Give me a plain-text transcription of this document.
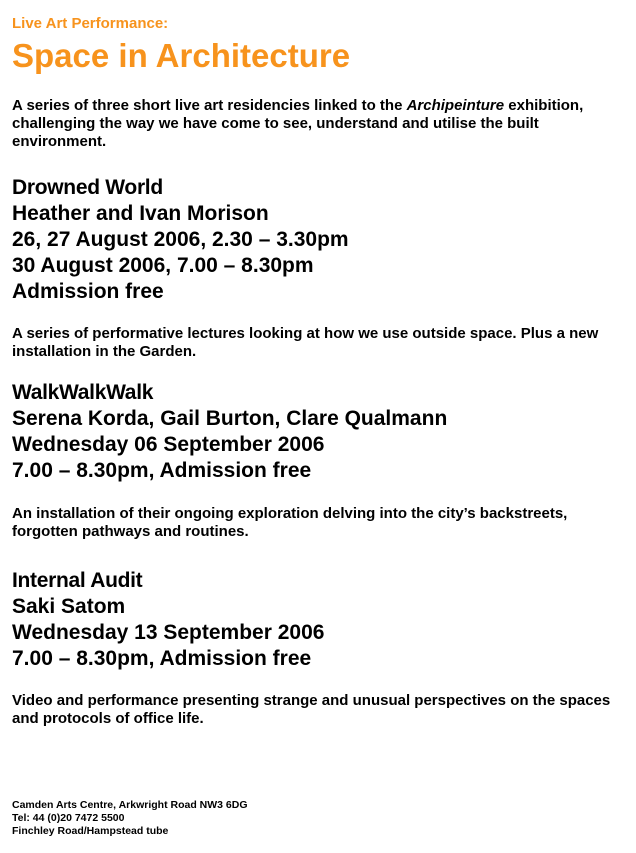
Live Art Performance:
Space in Architecture
A series of three short live art residencies linked to the Archipeinture exhibition, challenging the way we have come to see, understand and utilise the built environment.
Drowned World
Heather and Ivan Morison
26, 27 August 2006, 2.30 – 3.30pm
30 August 2006, 7.00 – 8.30pm
Admission free
A series of performative lectures looking at how we use outside space. Plus a new installation in the Garden.
WalkWalkWalk
Serena Korda, Gail Burton, Clare Qualmann
Wednesday 06 September 2006
7.00 – 8.30pm, Admission free
An installation of their ongoing exploration delving into the city’s backstreets, forgotten pathways and routines.
Internal Audit
Saki Satom
Wednesday 13 September 2006
7.00 – 8.30pm, Admission free
Video and performance presenting strange and unusual perspectives on the spaces and protocols of office life.
Camden Arts Centre, Arkwright Road NW3 6DG
Tel: 44 (0)20 7472 5500
Finchley Road/Hampstead tube
